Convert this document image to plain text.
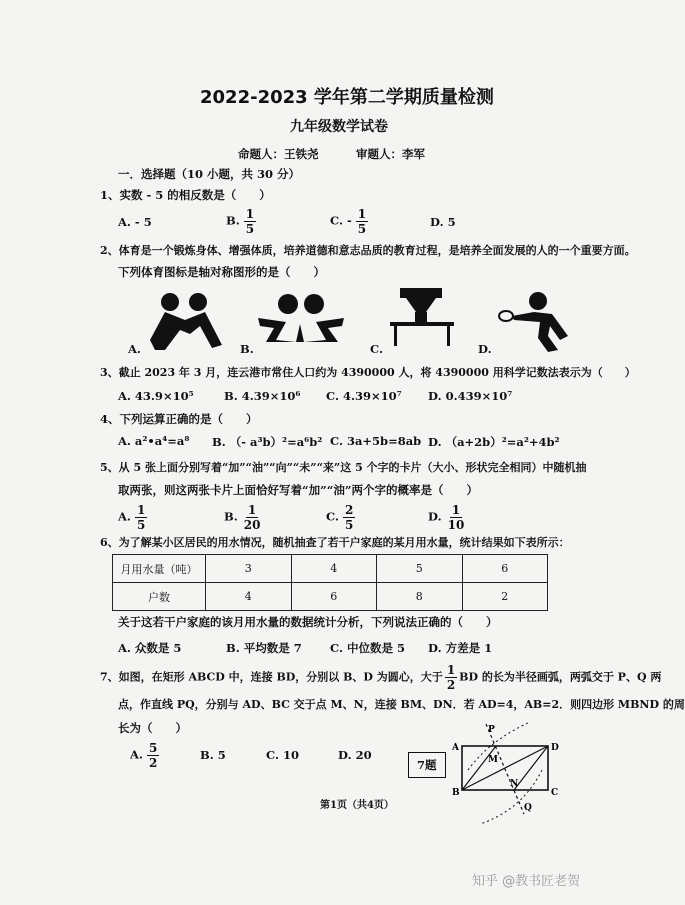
2022-2023 学年第二学期质量检测
九年级数学试卷
命题人：王铁尧	审题人：李军
一．选择题（10 小题，共 30 分）
1、实数 - 5 的相反数是（　　）
A. - 5	B. $\frac{1}{5}$	C. - $\frac{1}{5}$	D. 5
2、体育是一个锻炼身体、增强体质，培养道德和意志品质的教育过程，是培养全面发展的人的一个重要方面。
下列体育图标是轴对称图形的是（　　）
A.	B.	C.	D.
3、截止 2023 年 3 月，连云港市常住人口约为 4390000 人，将 4390000 用科学记数法表示为（　　）
A. 43.9×10⁵	B. 4.39×10⁶ C. 4.39×10⁷ D. 0.439×10⁷
4、下列运算正确的是（　　）
A. a²•a⁴=a⁸ B. （- a³b）²=a⁶b² C. 3a+5b=8ab D. （a+2b）²=a²+4b²
5、从 5 张上面分别写着“加”“油”“向”“未”“来”这 5 个字的卡片（大小、形状完全相同）中随机抽
取两张，则这两张卡片上面恰好写着“加”“油”两个字的概率是（　　）
A. $\frac{1}{5}$	B. $\frac{1}{20}$	C. $\frac{2}{5}$	D. $\frac{1}{10}$
6、为了解某小区居民的用水情况，随机抽查了若干户家庭的某月用水量，统计结果如下表所示：
月用水量（吨）	3	4	5	6
户数	4	6	8	2
关于这若干户家庭的该月用水量的数据统计分析，下列说法正确的（　　）
A. 众数是 5	B. 平均数是 7 C. 中位数是 5 D. 方差是 1
7、如图，在矩形 ABCD 中，连接 BD，分别以 B、D 为圆心，大于 $\frac{1}{2}$ BD 的长为半径画弧，两弧交于 P、Q 两
点，作直线 PQ，分别与 AD、BC 交于点 M、N，连接 BM、DN．若 AD=4，AB=2．则四边形 MBND 的周
长为（　　）
A. $\frac{5}{2}$	B. 5	C. 10	D. 20
7题
A
B	C
D
M
N
P
Q
第1页（共4页）
知乎 @教书匠老贺
